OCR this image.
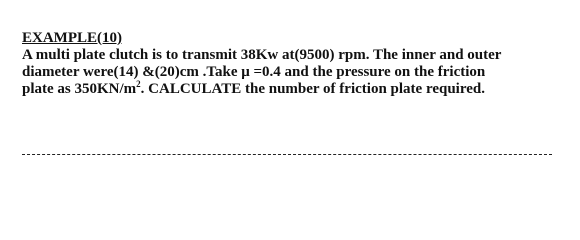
EXAMPLE(10)
A multi plate clutch is to transmit 38Kw at(9500) rpm. The inner and outer
diameter were(14) &(20)cm .Take μ =0.4 and the pressure on the friction
plate as $350KN/m^2$. CALCULATE the number of friction plate required.
